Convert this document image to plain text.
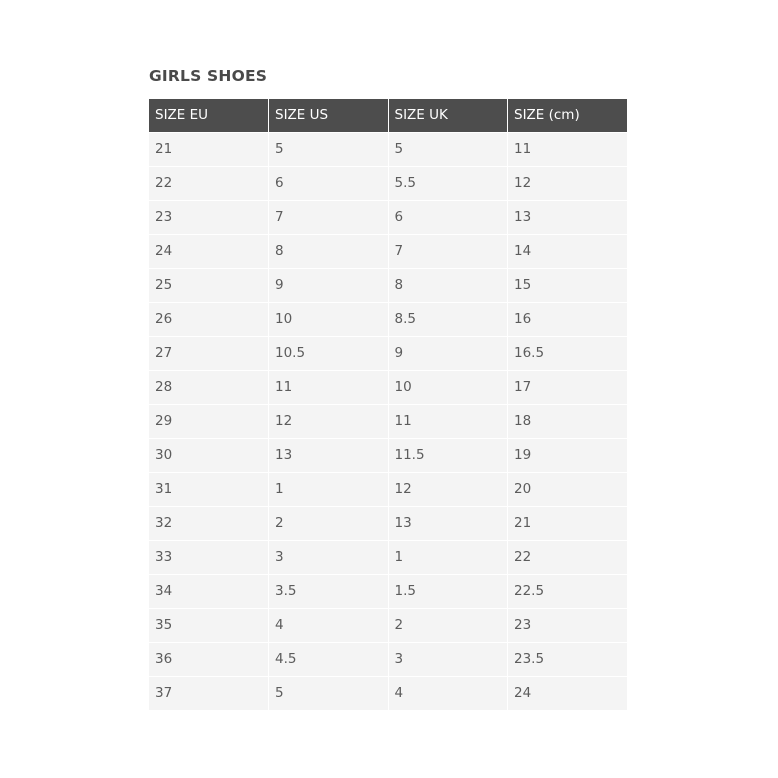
GIRLS SHOES
SIZE EU	SIZE US	SIZE UK	SIZE (cm)
21	5	5	11
22	6	5.5	12
23	7	6	13
24	8	7	14
25	9	8	15
26	10	8.5	16
27	10.5	9	16.5
28	11	10	17
29	12	11	18
30	13	11.5	19
31	1	12	20
32	2	13	21
33	3	1	22
34	3.5	1.5	22.5
35	4	2	23
36	4.5	3	23.5
37	5	4	24
